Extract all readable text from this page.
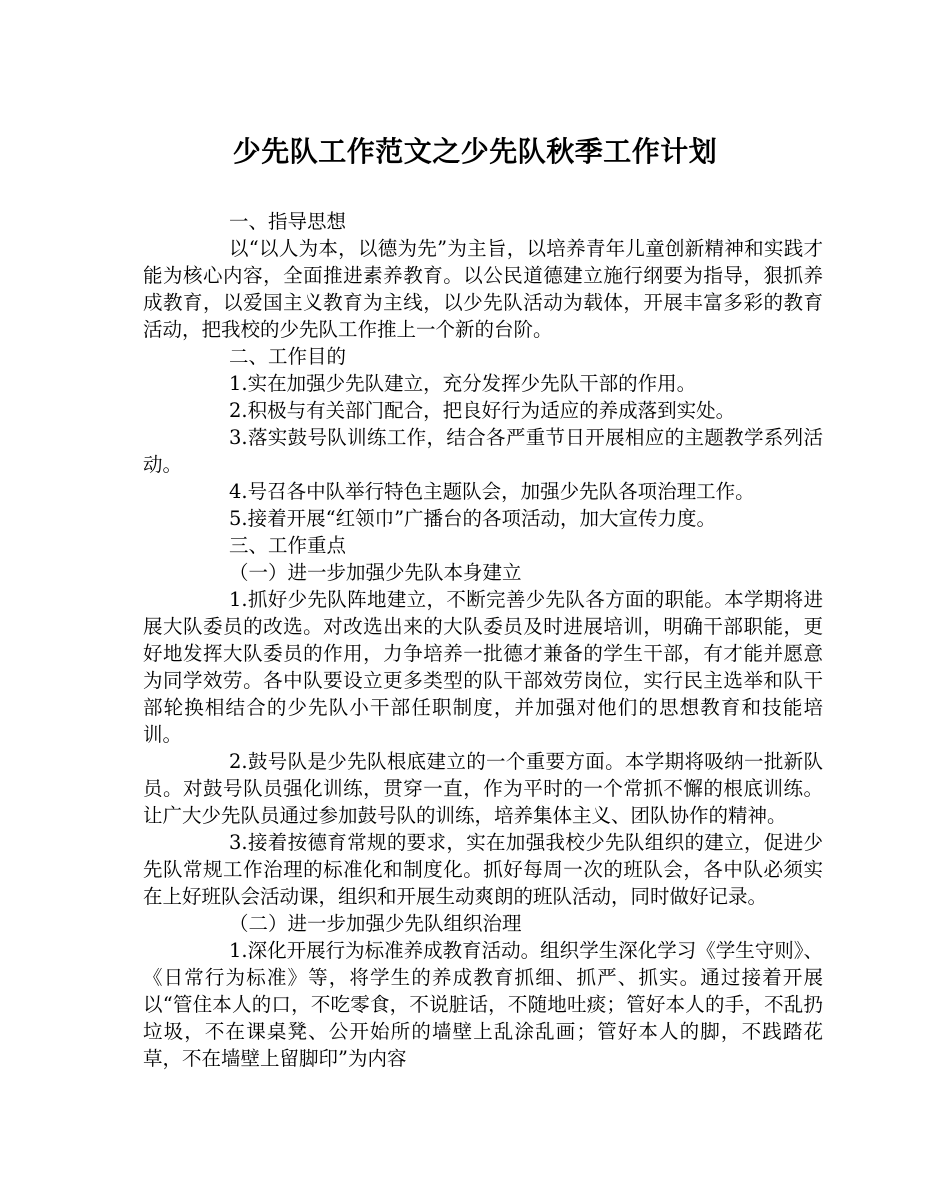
少先队工作范文之少先队秋季工作计划

一、指导思想

以“以人为本，以德为先”为主旨，以培养青年儿童创新精神和实践才能为核心内容，全面推进素养教育。以公民道德建立施行纲要为指导，狠抓养成教育，以爱国主义教育为主线，以少先队活动为载体，开展丰富多彩的教育活动，把我校的少先队工作推上一个新的台阶。

二、工作目的

1.实在加强少先队建立，充分发挥少先队干部的作用。

2.积极与有关部门配合，把良好行为适应的养成落到实处。

3.落实鼓号队训练工作，结合各严重节日开展相应的主题教学系列活动。

4.号召各中队举行特色主题队会，加强少先队各项治理工作。

5.接着开展“红领巾”广播台的各项活动，加大宣传力度。

三、工作重点

（一）进一步加强少先队本身建立

1.抓好少先队阵地建立，不断完善少先队各方面的职能。本学期将进展大队委员的改选。对改选出来的大队委员及时进展培训，明确干部职能，更好地发挥大队委员的作用，力争培养一批德才兼备的学生干部，有才能并愿意为同学效劳。各中队要设立更多类型的队干部效劳岗位，实行民主选举和队干部轮换相结合的少先队小干部任职制度，并加强对他们的思想教育和技能培训。

2.鼓号队是少先队根底建立的一个重要方面。本学期将吸纳一批新队员。对鼓号队员强化训练，贯穿一直，作为平时的一个常抓不懈的根底训练。让广大少先队员通过参加鼓号队的训练，培养集体主义、团队协作的精神。

3.接着按德育常规的要求，实在加强我校少先队组织的建立，促进少先队常规工作治理的标准化和制度化。抓好每周一次的班队会，各中队必须实在上好班队会活动课，组织和开展生动爽朗的班队活动，同时做好记录。

（二）进一步加强少先队组织治理

1.深化开展行为标准养成教育活动。组织学生深化学习《学生守则》、《日常行为标准》等，将学生的养成教育抓细、抓严、抓实。通过接着开展以“管住本人的口，不吃零食，不说脏话，不随地吐痰；管好本人的手，不乱扔垃圾，不在课桌凳、公开始所的墙壁上乱涂乱画；管好本人的脚，不践踏花草，不在墙壁上留脚印”为内容
